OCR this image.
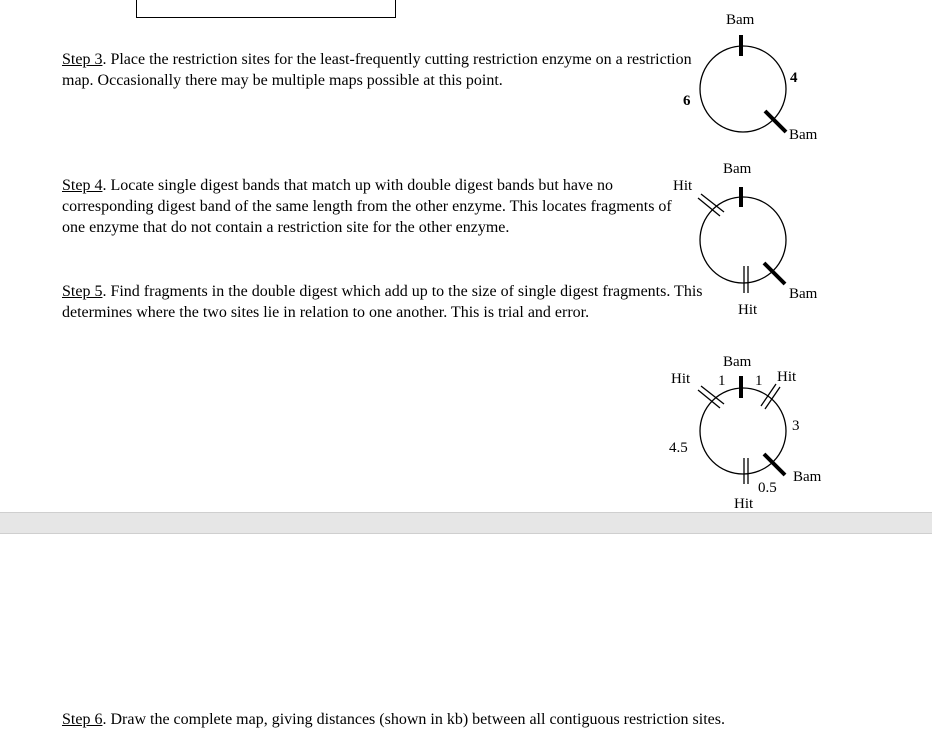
Step 3. Place the restriction sites for the least-frequently cutting restriction enzyme on a restriction map. Occasionally there may be multiple maps possible at this point.
Step 4. Locate single digest bands that match up with double digest bands but have no corresponding digest band of the same length from the other enzyme. This locates fragments of one enzyme that do not contain a restriction site for the other enzyme.
Step 5. Find fragments in the double digest which add up to the size of single digest fragments. This determines where the two sites lie in relation to one another. This is trial and error.
Step 6. Draw the complete map, giving distances (shown in kb) between all contiguous restriction sites.
Bam
Bam
4
6
Bam
Hit
Bam
Hit
Bam
Hit	Hit
Bam
Hit
1 1
3
4.5
0.5
